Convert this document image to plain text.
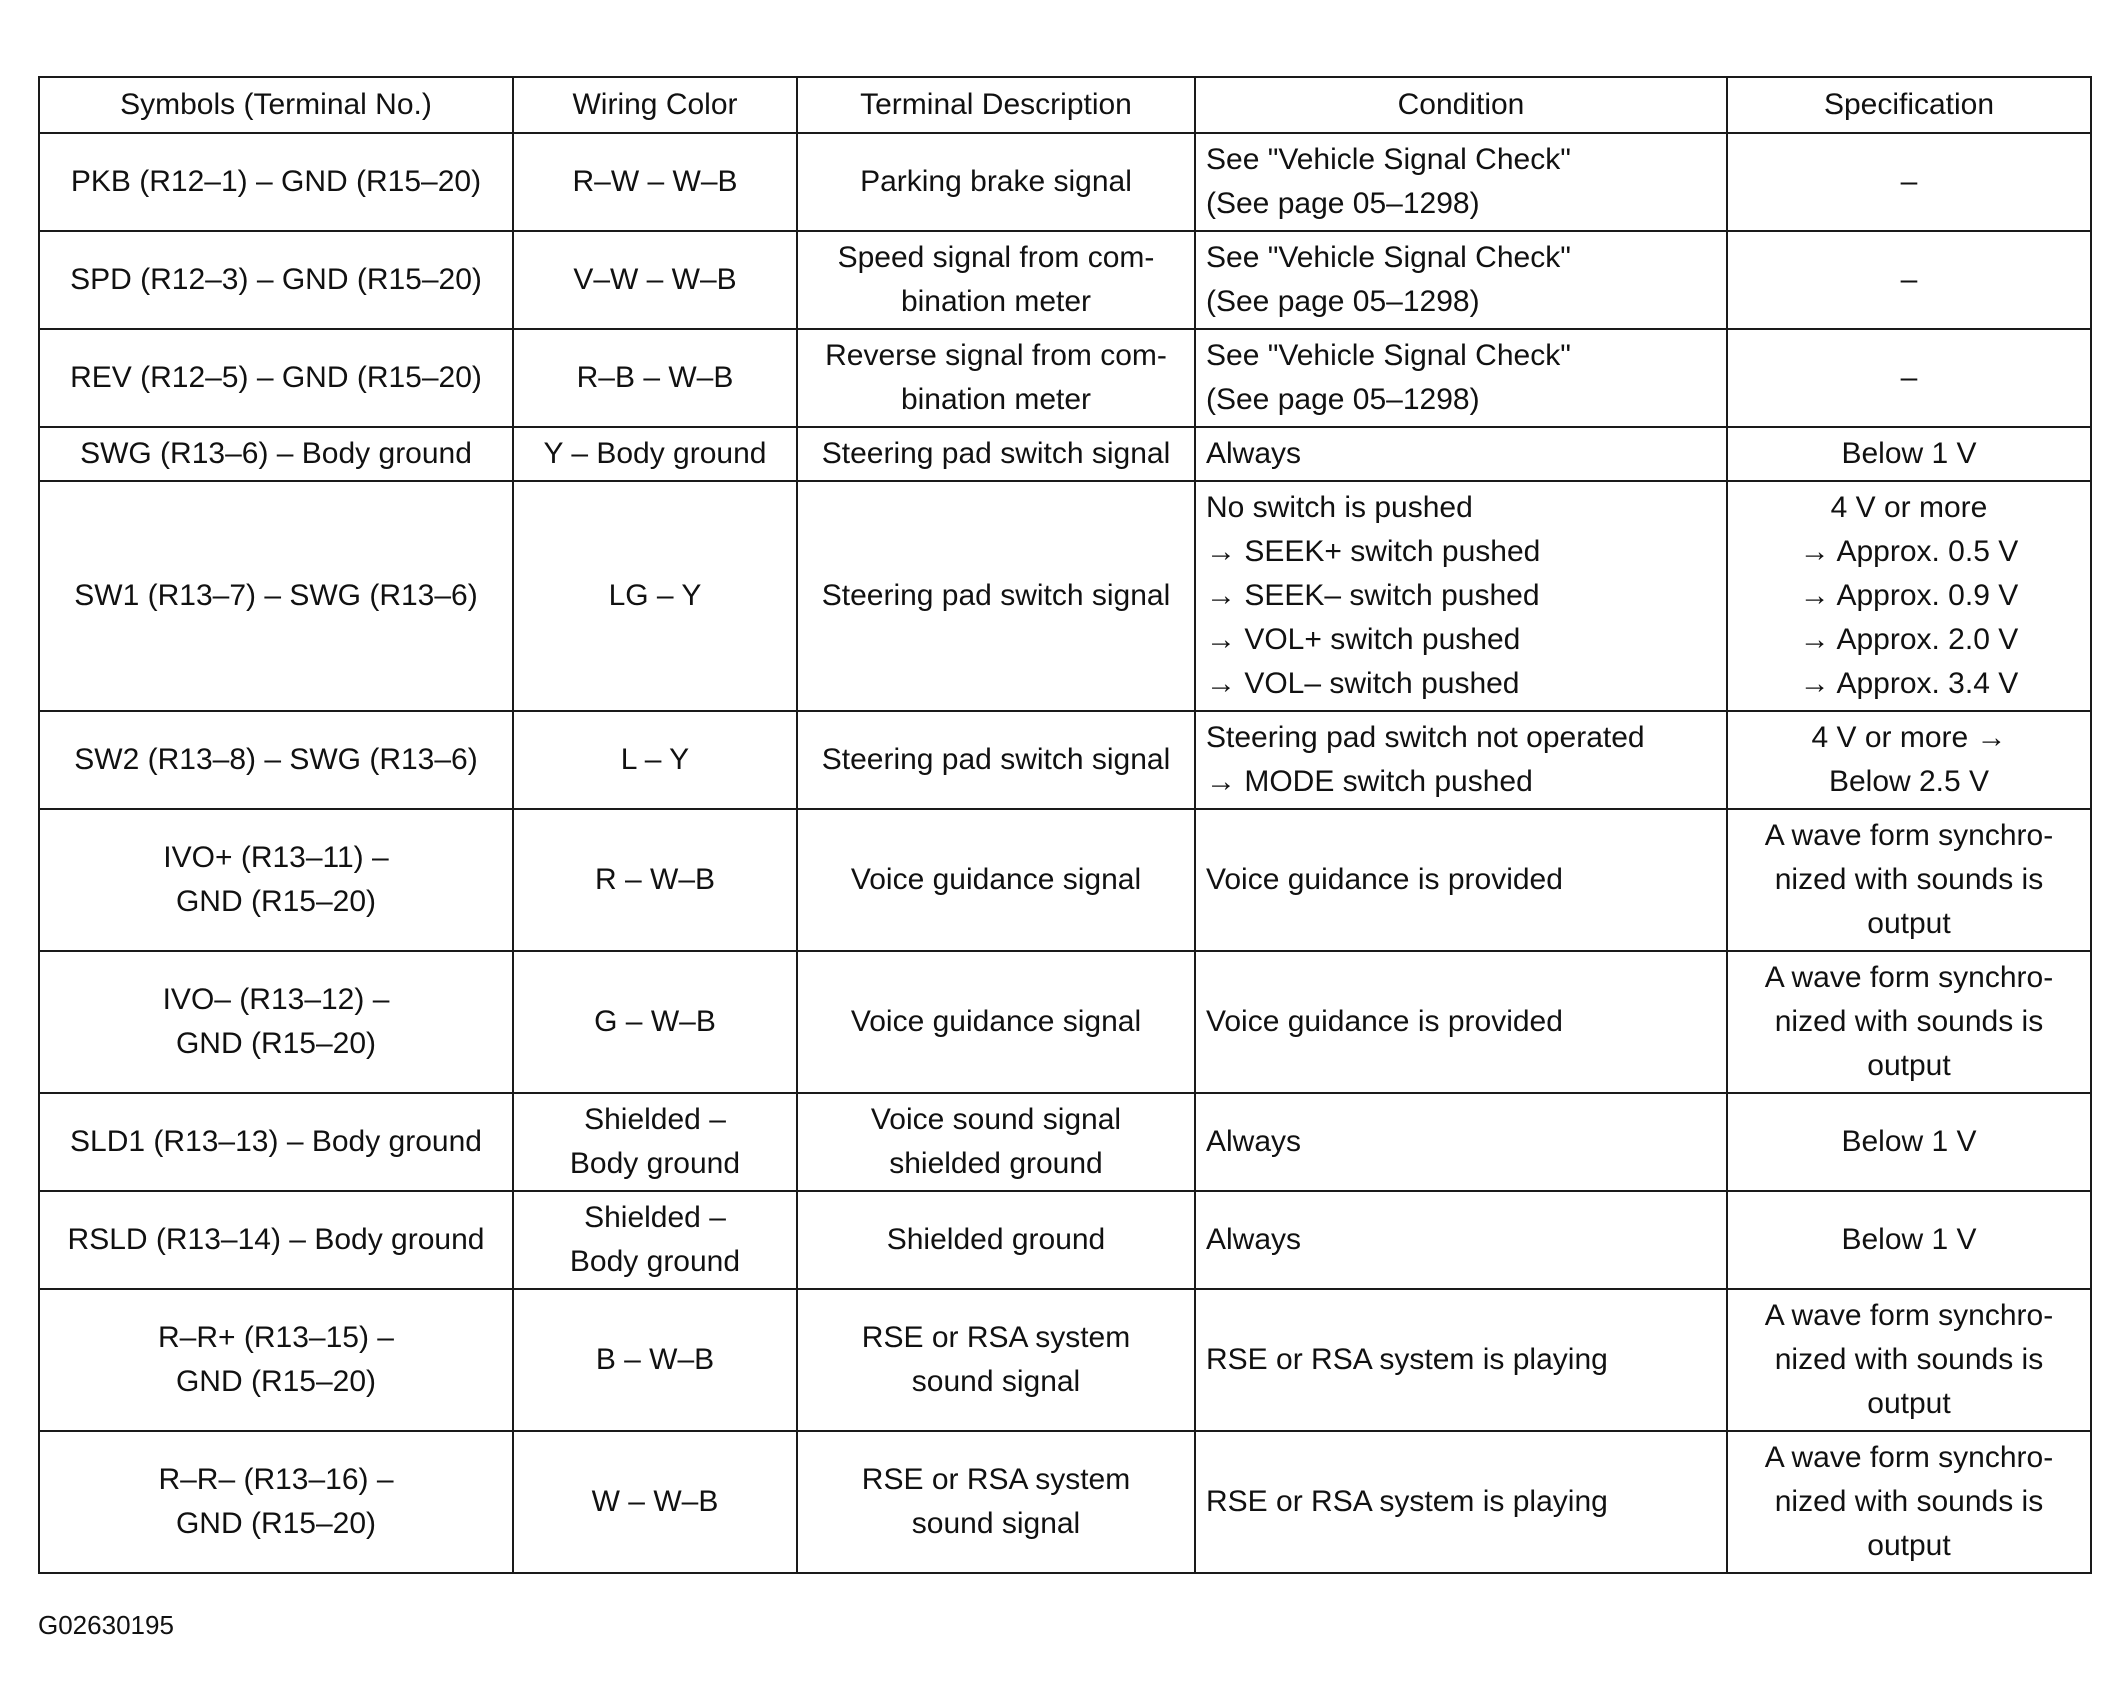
Symbols (Terminal No.)	Wiring Color	Terminal Description	Condition	Specification

PKB (R12–1) – GND (R15–20)	R–W – W–B	Parking brake signal	See "Vehicle Signal Check"
(See page 05–1298)	–

SPD (R12–3) – GND (R15–20)	V–W – W–B	Speed signal from com-
bination meter	See "Vehicle Signal Check"
(See page 05–1298)	–

REV (R12–5) – GND (R15–20)	R–B – W–B	Reverse signal from com-
bination meter	See "Vehicle Signal Check"
(See page 05–1298)	–

SWG (R13–6) – Body ground	Y – Body ground	Steering pad switch signal	Always	Below 1 V

SW1 (R13–7) – SWG (R13–6)	LG – Y	Steering pad switch signal	No switch is pushed
→ SEEK+ switch pushed
→ SEEK– switch pushed
→ VOL+ switch pushed
→ VOL– switch pushed	4 V or more
→ Approx. 0.5 V
→ Approx. 0.9 V
→ Approx. 2.0 V
→ Approx. 3.4 V

SW2 (R13–8) – SWG (R13–6)	L – Y	Steering pad switch signal	Steering pad switch not operated
→ MODE switch pushed	4 V or more →
Below 2.5 V

IVO+ (R13–11) –
GND (R15–20)	R – W–B	Voice guidance signal	Voice guidance is provided	A wave form synchro-
nized with sounds is
output

IVO– (R13–12) –
GND (R15–20)	G – W–B	Voice guidance signal	Voice guidance is provided	A wave form synchro-
nized with sounds is
output

SLD1 (R13–13) – Body ground	Shielded –
Body ground	Voice sound signal
shielded ground	Always	Below 1 V

RSLD (R13–14) – Body ground	Shielded –
Body ground	Shielded ground	Always	Below 1 V

R–R+ (R13–15) –
GND (R15–20)	B – W–B	RSE or RSA system
sound signal	RSE or RSA system is playing	A wave form synchro-
nized with sounds is
output

R–R– (R13–16) –
GND (R15–20)	W – W–B	RSE or RSA system
sound signal	RSE or RSA system is playing	A wave form synchro-
nized with sounds is
output
G02630195
